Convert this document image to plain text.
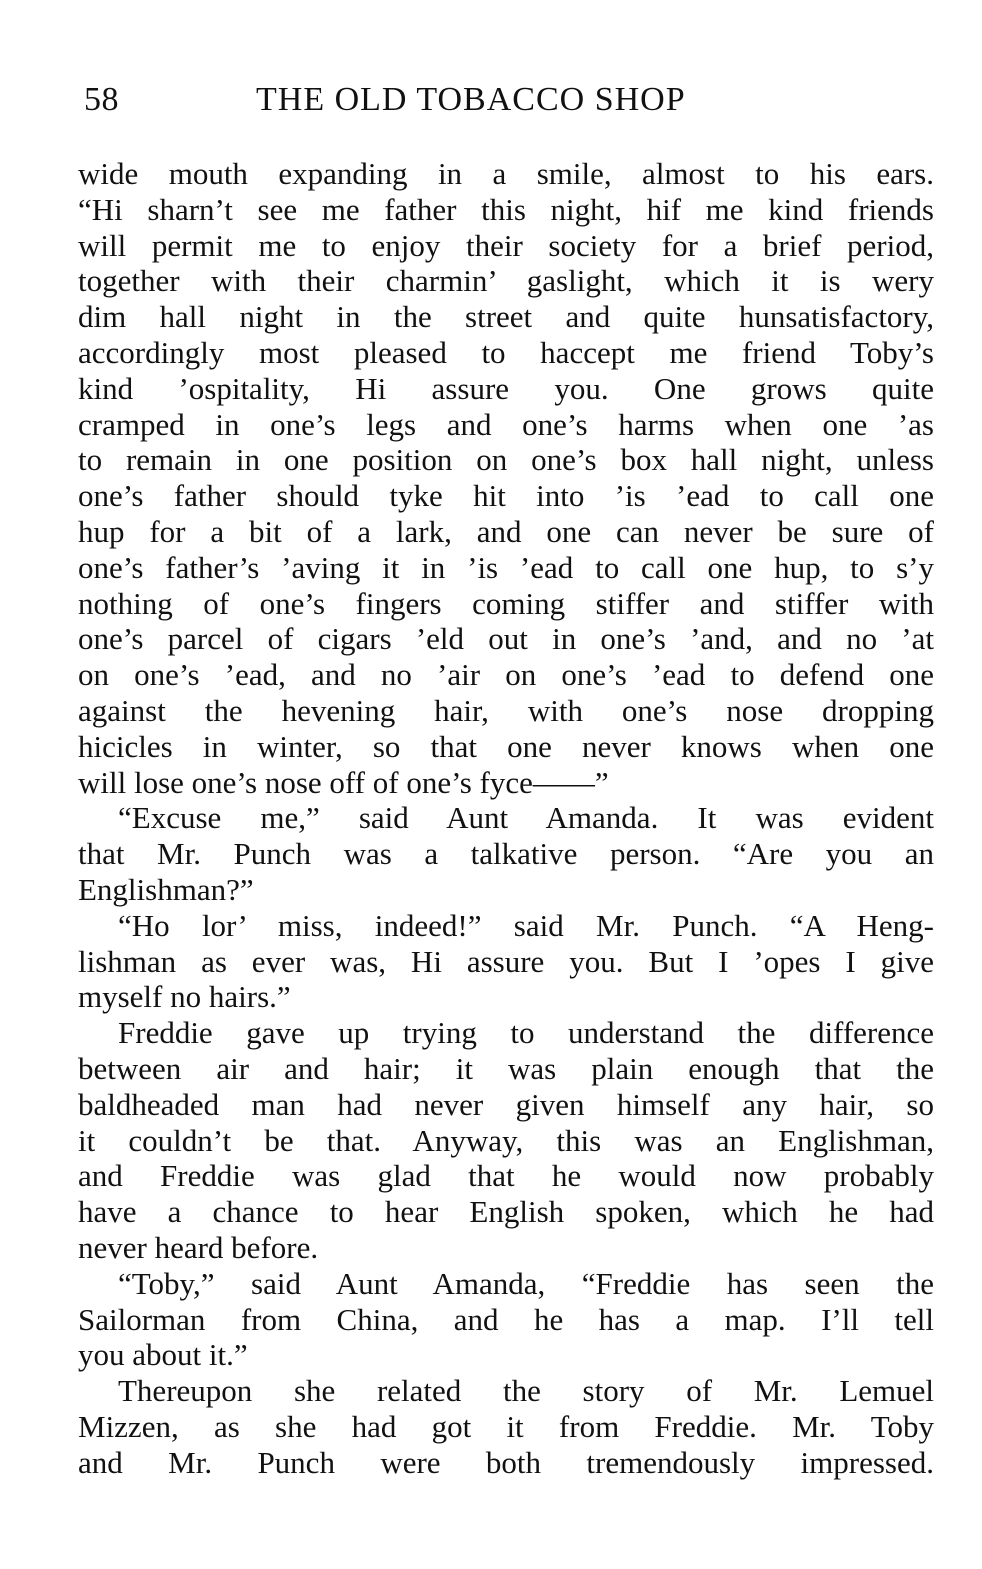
58	THE OLD TOBACCO SHOP
wide mouth expanding in a smile, almost to his ears.
“Hi sharn’t see me father this night, hif me kind friends
will permit me to enjoy their society for a brief period,
together with their charmin’ gaslight, which it is wery
dim hall night in the street and quite hunsatisfactory,
accordingly most pleased to haccept me friend Toby’s
kind ’ospitality, Hi assure you. One grows quite
cramped in one’s legs and one’s harms when one ’as
to remain in one position on one’s box hall night, unless
one’s father should tyke hit into ’is ’ead to call one
hup for a bit of a lark, and one can never be sure of
one’s father’s ’aving it in ’is ’ead to call one hup, to s’y
nothing of one’s fingers coming stiffer and stiffer with
one’s parcel of cigars ’eld out in one’s ’and, and no ’at
on one’s ’ead, and no ’air on one’s ’ead to defend one
against the hevening hair, with one’s nose dropping
hicicles in winter, so that one never knows when one
will lose one’s nose off of one’s fyce——”
“Excuse me,” said Aunt Amanda. It was evident
that Mr. Punch was a talkative person. “Are you an
Englishman?”
“Ho lor’ miss, indeed!” said Mr. Punch. “A Heng-
lishman as ever was, Hi assure you. But I ’opes I give
myself no hairs.”
Freddie gave up trying to understand the difference
between air and hair; it was plain enough that the
baldheaded man had never given himself any hair, so
it couldn’t be that. Anyway, this was an Englishman,
and Freddie was glad that he would now probably
have a chance to hear English spoken, which he had
never heard before.
“Toby,” said Aunt Amanda, “Freddie has seen the
Sailorman from China, and he has a map. I’ll tell
you about it.”
Thereupon she related the story of Mr. Lemuel
Mizzen, as she had got it from Freddie. Mr. Toby
and Mr. Punch were both tremendously impressed.
